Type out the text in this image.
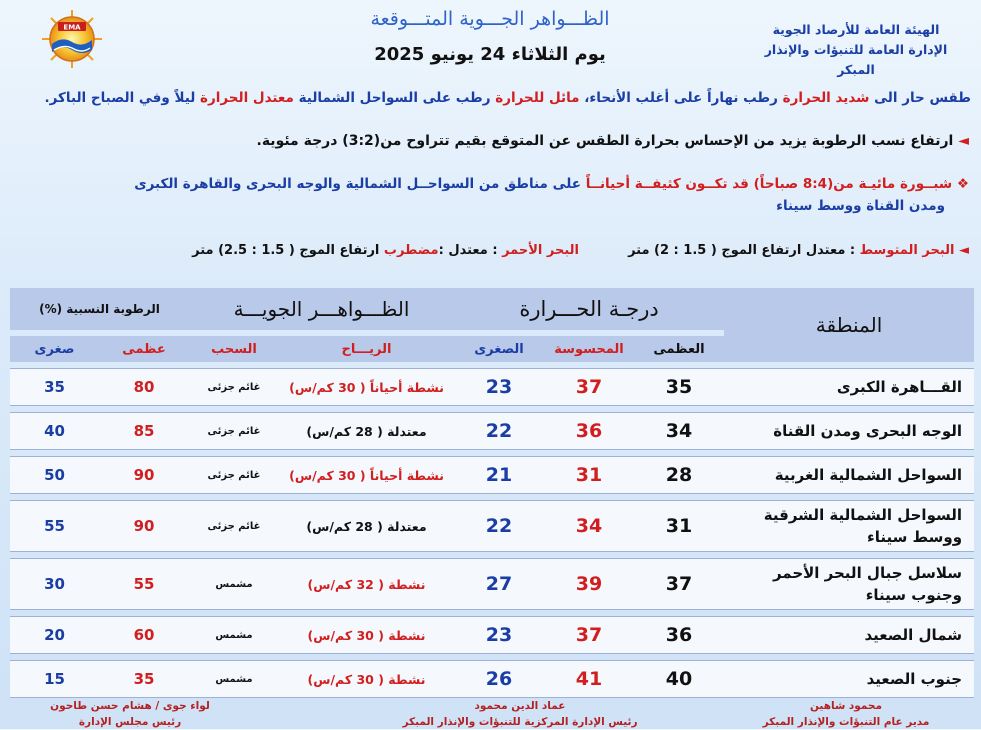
الهيئة العامة للأرصاد الجوية
الإدارة العامة للتنبؤات والإنذار المبكر
EMA	الظـــواهر الجـــوية المتـــوقعة
يوم الثلاثاء 24 يونيو 2025
طقس حار الى شديد الحرارة رطب نهاراً على أغلب الأنحاء، مائل للحرارة رطب على السواحل الشمالية معتدل الحرارة ليلاً وفي الصباح الباكر.
◄ ارتفاع نسب الرطوبة يزيد من الإحساس بحرارة الطقس عن المتوقع بقيم تتراوح من(3:2) درجة مئوية.
❖ شبــورة مائيـة من(8:4 صباحاً) قد تكــون كثيفــة أحيانــاً على مناطق من السواحــل الشمالية والوجه البحرى والقاهرة الكبرى
ومدن القناة ووسط سيناء
◄ البحر المتوسط : معتدل ارتفاع الموج ( 1.5 : 2) متر  البحر الأحمر : معتدل :مضطرب ارتفاع الموج ( 1.5 : 2.5) متر
المنطقة	درجـة الحـــرارة			الظـــواهـــر الجويـــة		الرطوبة النسبية (%)	
	العظمى	المحسوسة	الصغرى	الريـــاح	السحب	عظمى	صغرى
القـــاهرة الكبرى	35	37	23	نشطة أحياناً ( 30 كم/س)	غائم جزئى	80	35
الوجه البحرى ومدن القناة	34	36	22	معتدلة ( 28 كم/س)	غائم جزئى	85	40
السواحل الشمالية الغربية	28	31	21	نشطة أحياناً ( 30 كم/س)	غائم جزئى	90	50
السواحل الشمالية الشرقية ووسط سيناء	31	34	22	معتدلة ( 28 كم/س)	غائم جزئى	90	55
سلاسل جبال البحر الأحمر وجنوب سيناء	37	39	27	نشطة ( 32 كم/س)	مشمس	55	30
شمال الصعيد	36	37	23	نشطة ( 30 كم/س)	مشمس	60	20
جنوب الصعيد	40	41	26	نشطة ( 30 كم/س)	مشمس	35	15
محمود شاهين
مدير عام التنبؤات والإنذار المبكر
عماد الدين محمود
رئيس الإدارة المركزية للتنبؤات والإنذار المبكر
لواء جوى / هشام حسن طاحون
رئيس مجلس الإدارة
